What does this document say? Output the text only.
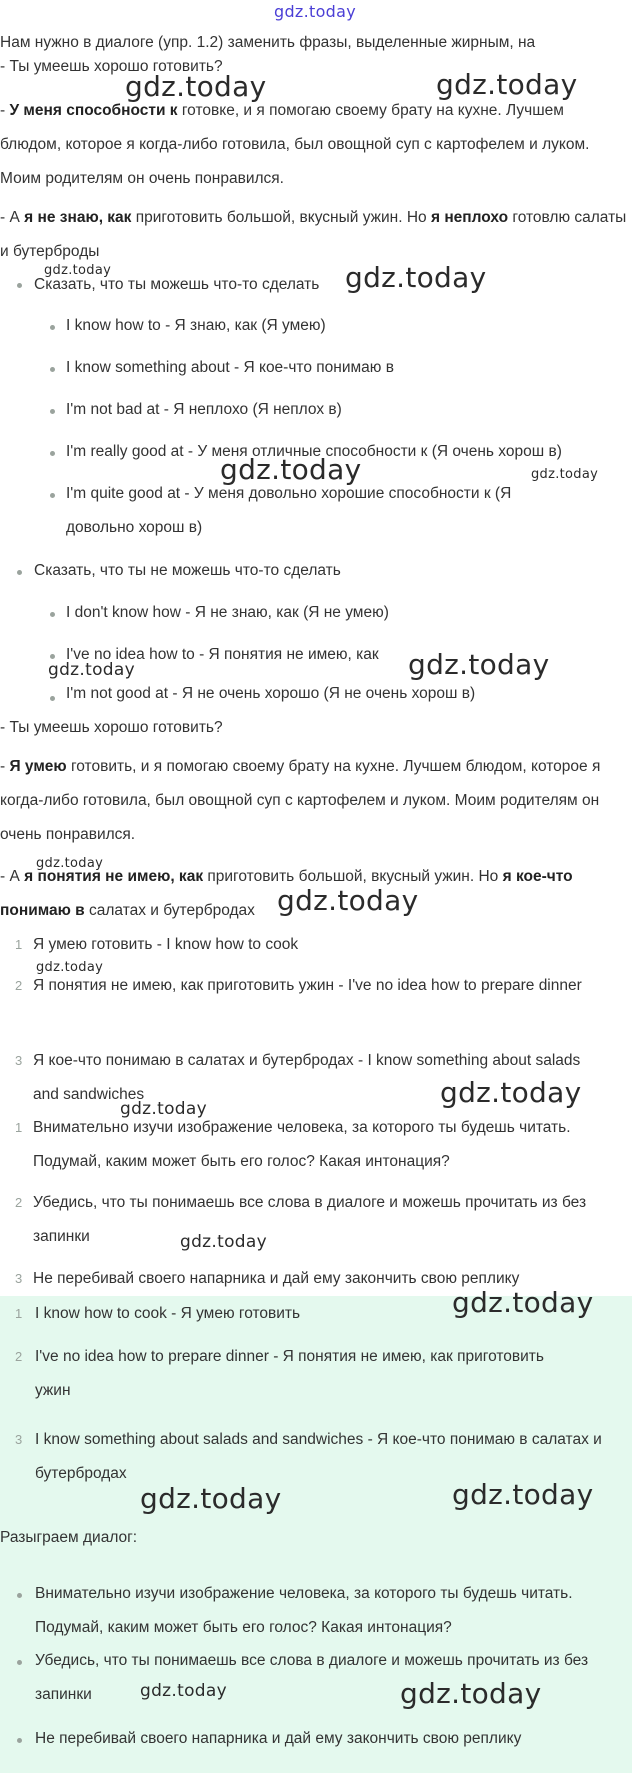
gdz.today
Нам нужно в диалоге (упр. 1.2) заменить фразы, выделенные жирным, на
- Ты умеешь хорошо готовить?

- У меня способности к готовке, и я помогаю своему брату на кухне. Лучшем блюдом, которое я когда-либо готовила, был овощной суп с картофелем и луком. Моим родителям он очень понравился.

- А я не знаю, как приготовить большой, вкусный ужин. Но я неплохо готовлю салаты и бутерброды

Сказать, что ты можешь что-то сделать
I know how to - Я знаю, как (Я умею)
I know something about - Я кое-что понимаю в
I'm not bad at - Я неплохо (Я неплох в)
I'm really good at - У меня отличные способности к (Я очень хорош в)
I'm quite good at - У меня довольно хорошие способности к (Я довольно хорош в)
Сказать, что ты не можешь что-то сделать
I don't know how - Я не знаю, как (Я не умею)
I've no idea how to - Я понятия не имею, как
I'm not good at - Я не очень хорошо (Я не очень хорош в)
- Ты умеешь хорошо готовить?

- Я умею готовить, и я помогаю своему брату на кухне. Лучшем блюдом, которое я когда-либо готовила, был овощной суп с картофелем и луком. Моим родителям он очень понравился.

- А я понятия не имею, как приготовить большой, вкусный ужин. Но я кое-что понимаю в салатах и бутербродах

1 Я умею готовить - I know how to cook
2 Я понятия не имею, как приготовить ужин - I've no idea how to prepare dinner
3 Я кое-что понимаю в салатах и бутербродах - I know something about salads and sandwiches
1 Внимательно изучи изображение человека, за которого ты будешь читать. Подумай, каким может быть его голос? Какая интонация?
2 Убедись, что ты понимаешь все слова в диалоге и можешь прочитать из без запинки
3 Не перебивай своего напарника и дай ему закончить свою реплику
1 I know how to cook - Я умею готовить
2 I've no idea how to prepare dinner - Я понятия не имею, как приготовить ужин
3 I know something about salads and sandwiches - Я кое-что понимаю в салатах и бутербродах
Разыграем диалог:
Внимательно изучи изображение человека, за которого ты будешь читать. Подумай, каким может быть его голос? Какая интонация?
Убедись, что ты понимаешь все слова в диалоге и можешь прочитать из без запинки
Не перебивай своего напарника и дай ему закончить свою реплику
gdz.today	gdz.today
gdz.today	gdz.today
gdz.today	gdz.today
gdz.today	gdz.today
gdz.today
gdz.today
gdz.today
gdz.today
gdz.today
gdz.today
gdz.today
gdz.today	gdz.today
gdz.today	gdz.today
